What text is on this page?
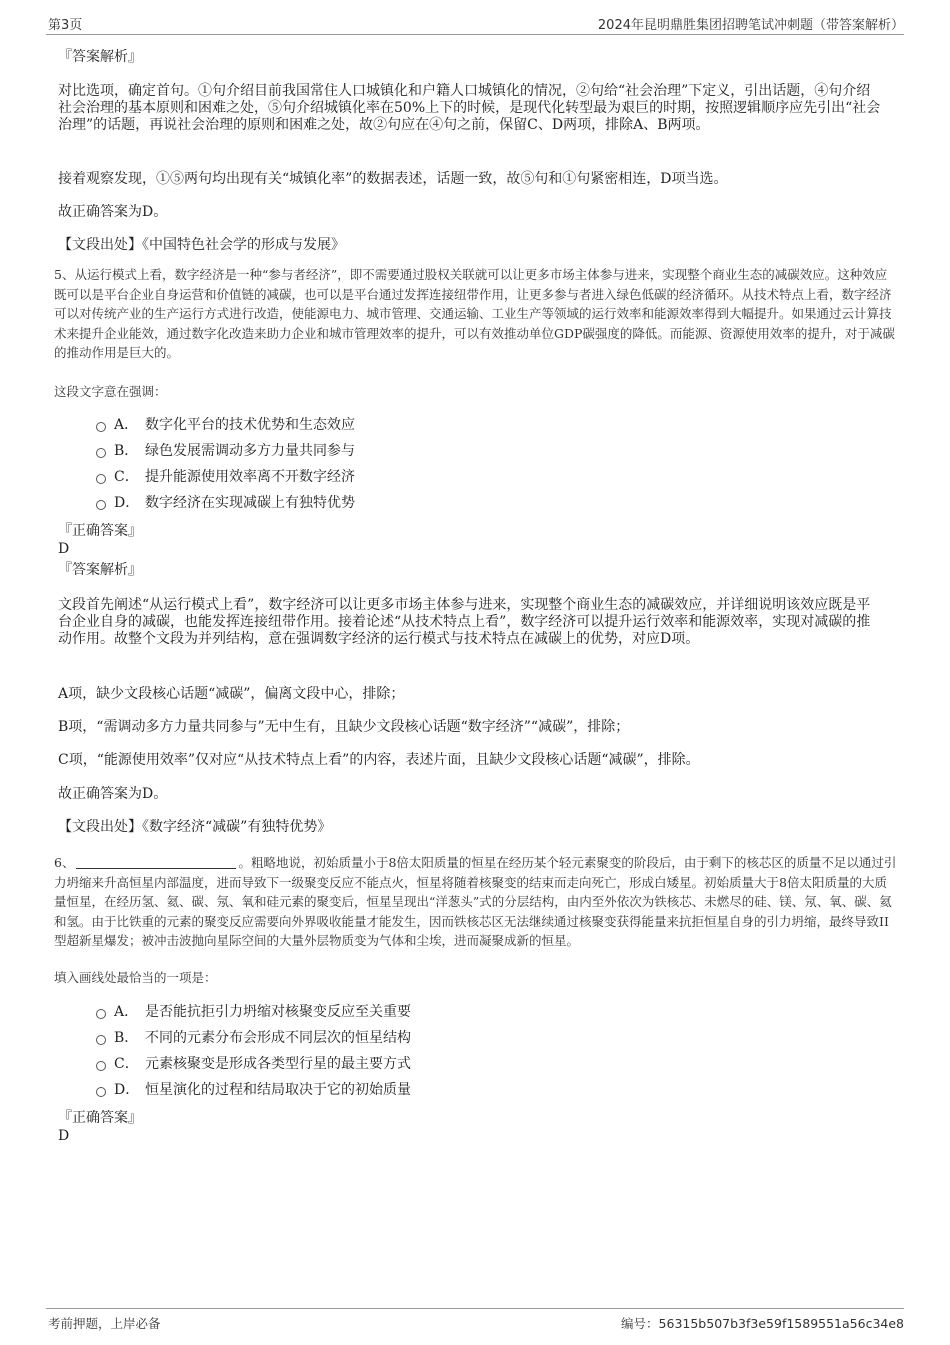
第3页	2024年昆明鼎胜集团招聘笔试冲刺题（带答案解析）
『答案解析』
对比选项，确定首句。①句介绍目前我国常住人口城镇化和户籍人口城镇化的情况，②句给“社会治理”下定义，引出话题，④句介绍社会治理的基本原则和困难之处，⑤句介绍城镇化率在50%上下的时候，是现代化转型最为艰巨的时期，按照逻辑顺序应先引出“社会治理”的话题，再说社会治理的原则和困难之处，故②句应在④句之前，保留C、D两项，排除A、B两项。
接着观察发现，①⑤两句均出现有关“城镇化率”的数据表述，话题一致，故⑤句和①句紧密相连，D项当选。
故正确答案为D。
【文段出处】《中国特色社会学的形成与发展》
5、从运行模式上看，数字经济是一种“参与者经济”，即不需要通过股权关联就可以让更多市场主体参与进来，实现整个商业生态的减碳效应。这种效应既可以是平台企业自身运营和价值链的减碳，也可以是平台通过发挥连接纽带作用，让更多参与者进入绿色低碳的经济循环。从技术特点上看，数字经济可以对传统产业的生产运行方式进行改造，使能源电力、城市管理、交通运输、工业生产等领域的运行效率和能源效率得到大幅提升。如果通过云计算技术来提升企业能效，通过数字化改造来助力企业和城市管理效率的提升，可以有效推动单位GDP碳强度的降低。而能源、资源使用效率的提升，对于减碳的推动作用是巨大的。
这段文字意在强调：
A． 数字化平台的技术优势和生态效应
B． 绿色发展需调动多方力量共同参与
C． 提升能源使用效率离不开数字经济
D． 数字经济在实现减碳上有独特优势
『正确答案』
D
『答案解析』
文段首先阐述“从运行模式上看”，数字经济可以让更多市场主体参与进来，实现整个商业生态的减碳效应，并详细说明该效应既是平台企业自身的减碳，也能发挥连接纽带作用。接着论述“从技术特点上看”，数字经济可以提升运行效率和能源效率，实现对减碳的推动作用。故整个文段为并列结构，意在强调数字经济的运行模式与技术特点在减碳上的优势，对应D项。
A项，缺少文段核心话题“减碳”，偏离文段中心，排除；
B项，“需调动多方力量共同参与”无中生有，且缺少文段核心话题“数字经济”“减碳”，排除；
C项，“能源使用效率”仅对应“从技术特点上看”的内容，表述片面，且缺少文段核心话题“减碳”，排除。
故正确答案为D。
【文段出处】《数字经济“减碳”有独特优势》
6、	。粗略地说，初始质量小于8倍太阳质量的恒星在经历某个轻元素聚变的阶段后，由于剩下的核芯区的质量不足以通过引力坍缩来升高恒星内部温度，进而导致下一级聚变反应不能点火，恒星将随着核聚变的结束而走向死亡，形成白矮星。初始质量大于8倍太阳质量的大质量恒星，在经历氢、氦、碳、氖、氧和硅元素的聚变后，恒星呈现出“洋葱头”式的分层结构，由内至外依次为铁核芯、未燃尽的硅、镁、氖、氧、碳、氦和氢。由于比铁重的元素的聚变反应需要向外界吸收能量才能发生，因而铁核芯区无法继续通过核聚变获得能量来抗拒恒星自身的引力坍缩，最终导致II型超新星爆发；被冲击波抛向星际空间的大量外层物质变为气体和尘埃，进而凝聚成新的恒星。
填入画线处最恰当的一项是：
A． 是否能抗拒引力坍缩对核聚变反应至关重要
B． 不同的元素分布会形成不同层次的恒星结构
C． 元素核聚变是形成各类型行星的最主要方式
D． 恒星演化的过程和结局取决于它的初始质量
『正确答案』
D
考前押题，上岸必备	编号：56315b507b3f3e59f1589551a56c34e8
